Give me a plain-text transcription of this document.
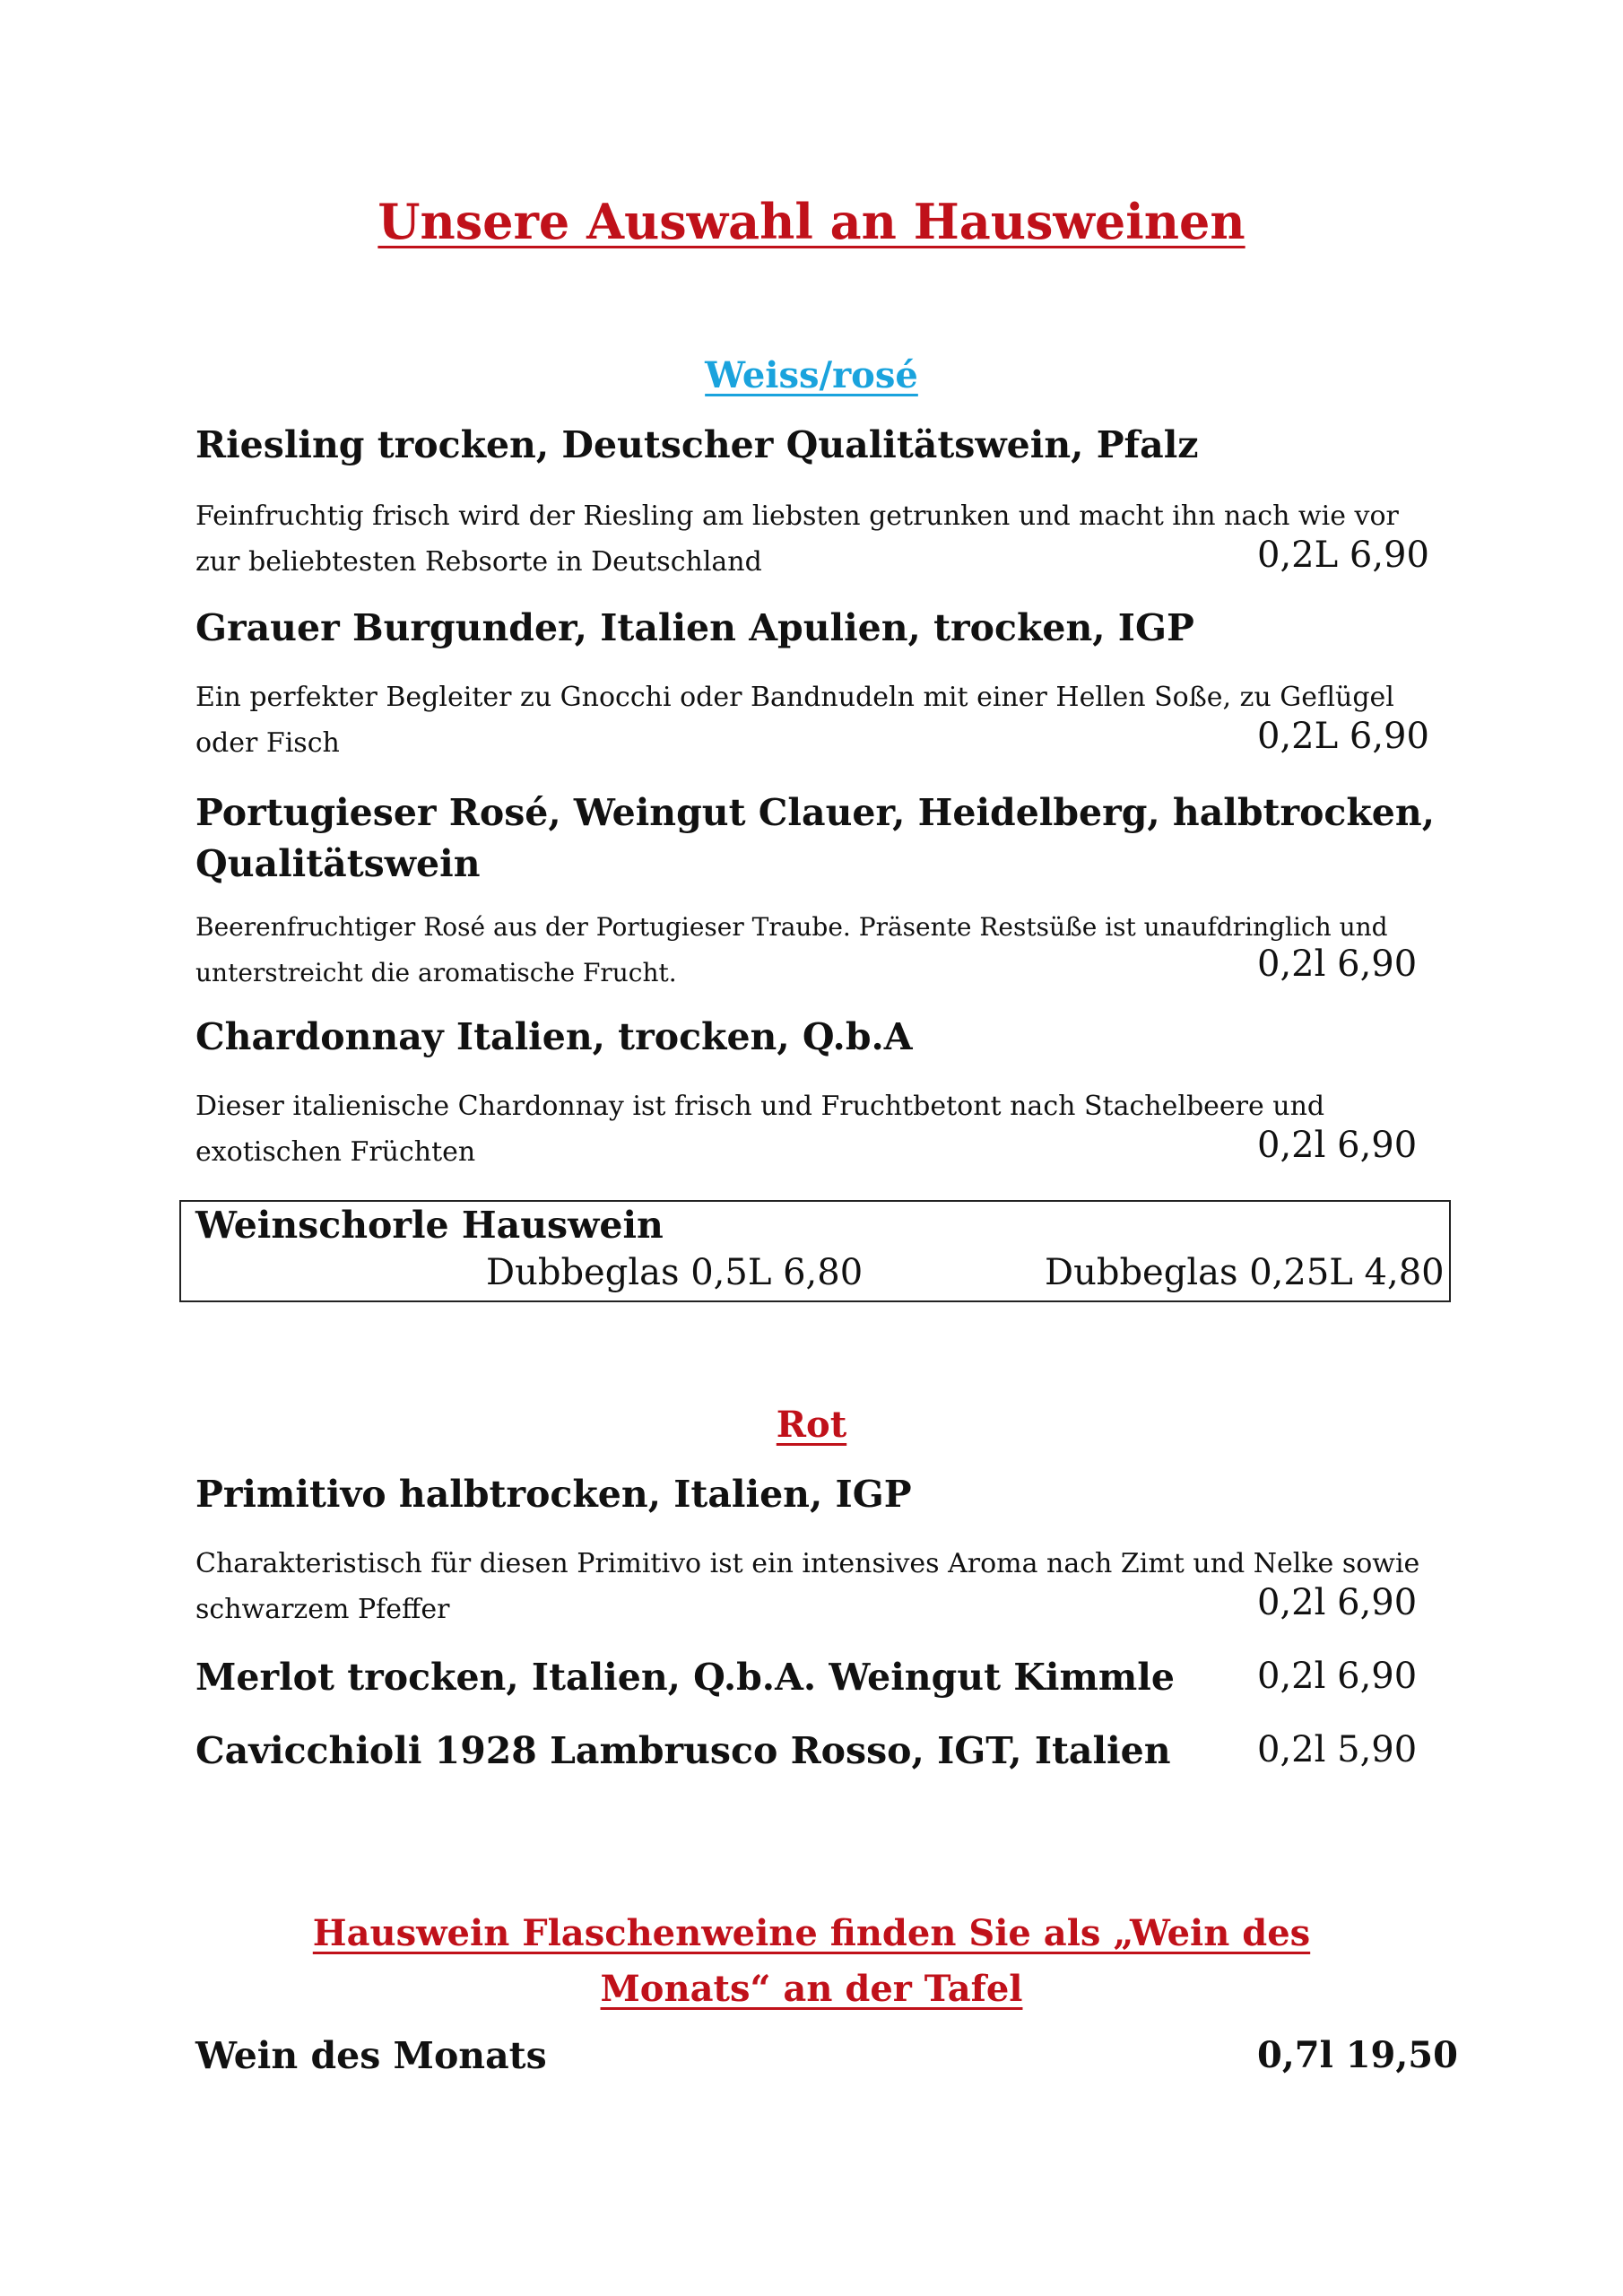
Unsere Auswahl an Hausweinen
Weiss/rosé
Riesling trocken, Deutscher Qualitätswein, Pfalz
Feinfruchtig frisch wird der Riesling am liebsten getrunken und macht ihn nach wie vor zur beliebtesten Rebsorte in Deutschland	0,2L 6,90
Grauer Burgunder, Italien Apulien, trocken, IGP
Ein perfekter Begleiter zu Gnocchi oder Bandnudeln mit einer Hellen Soße, zu Geflügel oder Fisch	0,2L 6,90
Portugieser Rosé, Weingut Clauer, Heidelberg, halbtrocken, Qualitätswein
Beerenfruchtiger Rosé aus der Portugieser Traube. Präsente Restsüße ist unaufdringlich und unterstreicht die aromatische Frucht.	0,2l 6,90
Chardonnay Italien, trocken, Q.b.A
Dieser italienische Chardonnay ist frisch und Fruchtbetont nach Stachelbeere und exotischen Früchten	0,2l 6,90
Weinschorle Hauswein
Dubbeglas 0,5L 6,80	Dubbeglas 0,25L 4,80
Rot
Primitivo halbtrocken, Italien, IGP
Charakteristisch für diesen Primitivo ist ein intensives Aroma nach Zimt und Nelke sowie schwarzem Pfeffer	0,2l 6,90
Merlot trocken, Italien, Q.b.A. Weingut Kimmle 0,2l 6,90
Cavicchioli 1928 Lambrusco Rosso, IGT, Italien 0,2l 5,90
Hauswein Flaschenweine finden Sie als „Wein des Monats“ an der Tafel
Wein des Monats	0,7l 19,50
